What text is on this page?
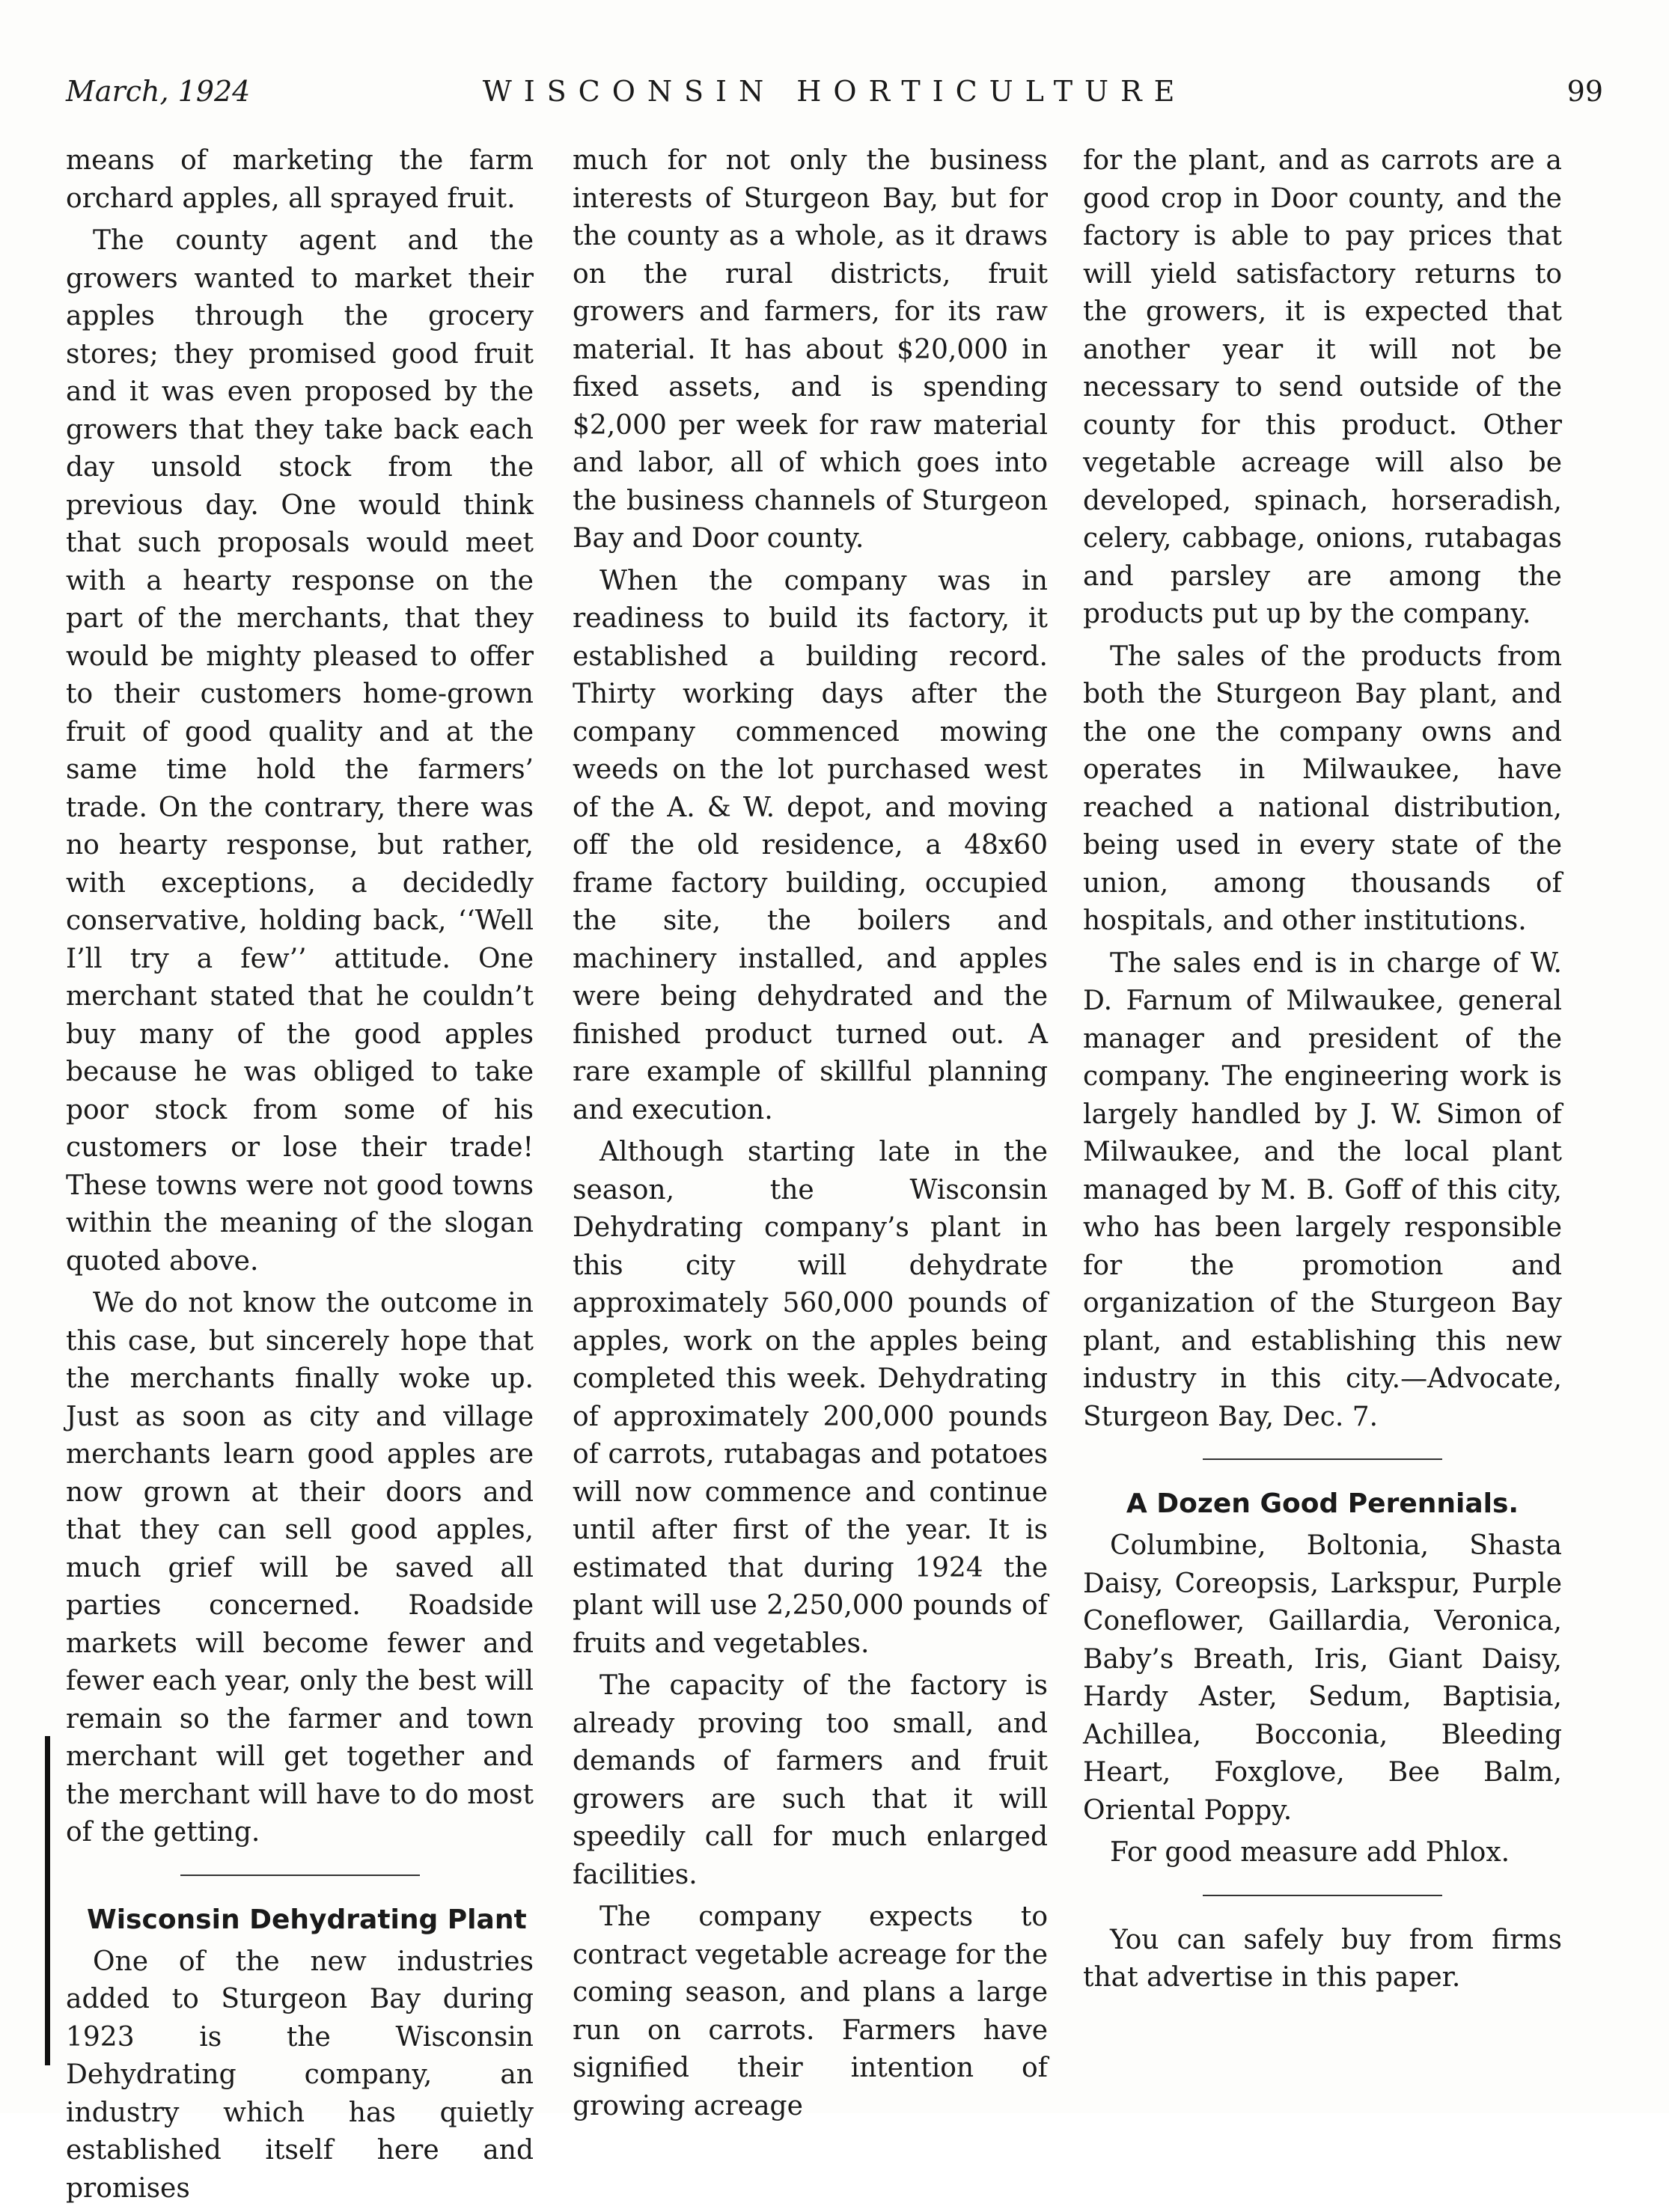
March, 1924	WISCONSIN HORTICULTURE	99

means of marketing the farm orchard apples, all sprayed fruit.

The county agent and the growers wanted to market their apples through the grocery stores; they promised good fruit and it was even proposed by the growers that they take back each day unsold stock from the previous day. One would think that such proposals would meet with a hearty response on the part of the merchants, that they would be mighty pleased to offer to their customers home-grown fruit of good quality and at the same time hold the farmers’ trade. On the contrary, there was no hearty response, but rather, with exceptions, a decidedly conservative, holding back, ‘‘Well I’ll try a few’’ attitude. One merchant stated that he couldn’t buy many of the good apples because he was obliged to take poor stock from some of his customers or lose their trade! These towns were not good towns within the meaning of the slogan quoted above.

We do not know the outcome in this case, but sincerely hope that the merchants finally woke up. Just as soon as city and village merchants learn good apples are now grown at their doors and that they can sell good apples, much grief will be saved all parties concerned. Roadside markets will become fewer and fewer each year, only the best will remain so the farmer and town merchant will get together and the merchant will have to do most of the getting.

Wisconsin Dehydrating Plant

One of the new industries added to Sturgeon Bay during 1923 is the Wisconsin Dehydrating company, an industry which has quietly established itself here and promises

much for not only the business interests of Sturgeon Bay, but for the county as a whole, as it draws on the rural districts, fruit growers and farmers, for its raw material. It has about $20,000 in fixed assets, and is spending $2,000 per week for raw material and labor, all of which goes into the business channels of Sturgeon Bay and Door county.

When the company was in readiness to build its factory, it established a building record. Thirty working days after the company commenced mowing weeds on the lot purchased west of the A. & W. depot, and moving off the old residence, a 48x60 frame factory building, occupied the site, the boilers and machinery installed, and apples were being dehydrated and the finished product turned out. A rare example of skillful planning and execution.

Although starting late in the season, the Wisconsin Dehydrating company’s plant in this city will dehydrate approximately 560,000 pounds of apples, work on the apples being completed this week. Dehydrating of approximately 200,000 pounds of carrots, rutabagas and potatoes will now commence and continue until after first of the year. It is estimated that during 1924 the plant will use 2,250,000 pounds of fruits and vegetables.

The capacity of the factory is already proving too small, and demands of farmers and fruit growers are such that it will speedily call for much enlarged facilities.

The company expects to contract vegetable acreage for the coming season, and plans a large run on carrots. Farmers have signified their intention of growing acreage

for the plant, and as carrots are a good crop in Door county, and the factory is able to pay prices that will yield satisfactory returns to the growers, it is expected that another year it will not be necessary to send outside of the county for this product. Other vegetable acreage will also be developed, spinach, horseradish, celery, cabbage, onions, rutabagas and parsley are among the products put up by the company.

The sales of the products from both the Sturgeon Bay plant, and the one the company owns and operates in Milwaukee, have reached a national distribution, being used in every state of the union, among thousands of hospitals, and other institutions.

The sales end is in charge of W. D. Farnum of Milwaukee, general manager and president of the company. The engineering work is largely handled by J. W. Simon of Milwaukee, and the local plant managed by M. B. Goff of this city, who has been largely responsible for the promotion and organization of the Sturgeon Bay plant, and establishing this new industry in this city.—Advocate, Sturgeon Bay, Dec. 7.

A Dozen Good Perennials.

Columbine, Boltonia, Shasta Daisy, Coreopsis, Larkspur, Purple Coneflower, Gaillardia, Veronica, Baby’s Breath, Iris, Giant Daisy, Hardy Aster, Sedum, Baptisia, Achillea, Bocconia, Bleeding Heart, Foxglove, Bee Balm, Oriental Poppy.

For good measure add Phlox.

You can safely buy from firms that advertise in this paper.
